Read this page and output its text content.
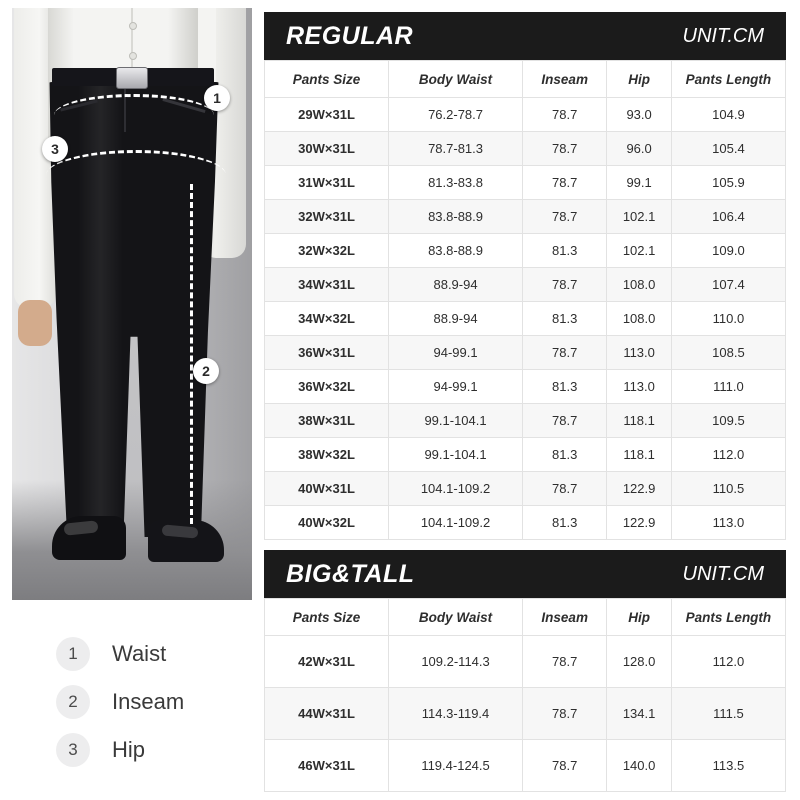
1
2
3
1	Waist
2	Inseam
3	Hip
REGULAR	UNIT.CM
Pants Size	Body Waist	Inseam	Hip	Pants Length
29W×31L	76.2-78.7	78.7	93.0	104.9
30W×31L	78.7-81.3	78.7	96.0	105.4
31W×31L	81.3-83.8	78.7	99.1	105.9
32W×31L	83.8-88.9	78.7	102.1	106.4
32W×32L	83.8-88.9	81.3	102.1	109.0
34W×31L	88.9-94	78.7	108.0	107.4
34W×32L	88.9-94	81.3	108.0	110.0
36W×31L	94-99.1	78.7	113.0	108.5
36W×32L	94-99.1	81.3	113.0	111.0
38W×31L	99.1-104.1	78.7	118.1	109.5
38W×32L	99.1-104.1	81.3	118.1	112.0
40W×31L	104.1-109.2	78.7	122.9	110.5
40W×32L	104.1-109.2	81.3	122.9	113.0
BIG&TALL	UNIT.CM
Pants Size	Body Waist	Inseam	Hip	Pants Length
42W×31L	109.2-114.3	78.7	128.0	112.0
44W×31L	114.3-119.4	78.7	134.1	111.5
46W×31L	119.4-124.5	78.7	140.0	113.5
